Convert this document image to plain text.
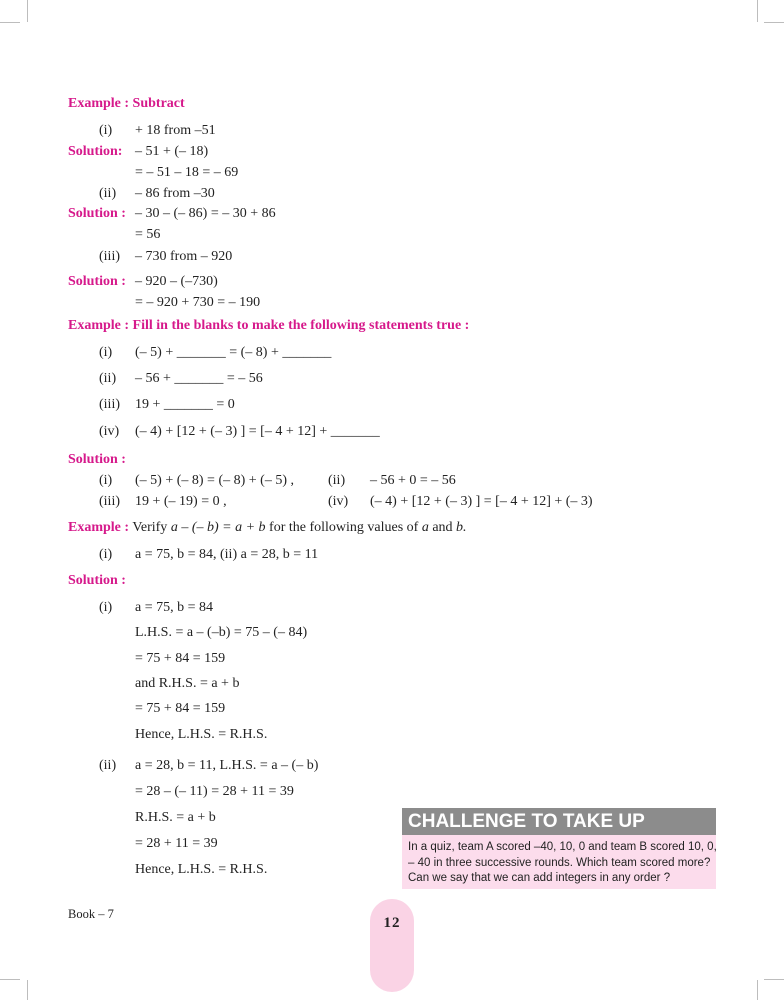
Example : Subtract
(i) + 18 from –51
Solution: – 51 + (– 18)
= – 51 – 18 = – 69
(ii) – 86 from –30
Solution : – 30 – (– 86) = – 30 + 86
= 56
(iii) – 730 from – 920
Solution : – 920 – (–730)
= – 920 + 730 = – 190
Example : Fill in the blanks to make the following statements true :
(i) (– 5) + _______ = (– 8) + _______
(ii) – 56 + _______ = – 56
(iii) 19 + _______ = 0
(iv) (– 4) + [12 + (– 3) ] = [– 4 + 12] + _______
Solution :
(i) (– 5) + (– 8) = (– 8) + (– 5) , (ii) – 56 + 0 = – 56
(iii) 19 + (– 19) = 0 ,	(iv) (– 4) + [12 + (– 3) ] = [– 4 + 12] + (– 3)
Example : Verify a – (– b) = a + b for the following values of a and b.
(i) a = 75, b = 84, (ii) a = 28, b = 11
Solution :
(i) a = 75, b = 84
L.H.S. = a – (–b) = 75 – (– 84)
= 75 + 84 = 159
and R.H.S. = a + b
= 75 + 84 = 159
Hence, L.H.S. = R.H.S.
(ii) a = 28, b = 11, L.H.S. = a – (– b)
= 28 – (– 11) = 28 + 11 = 39
R.H.S. = a + b
= 28 + 11 = 39
Hence, L.H.S. = R.H.S.
CHALLENGE TO TAKE UP
In a quiz, team A scored –40, 10, 0 and team B scored 10, 0,
– 40 in three successive rounds. Which team scored more?
Can we say that we can add integers in any order ?
Book – 7
12
